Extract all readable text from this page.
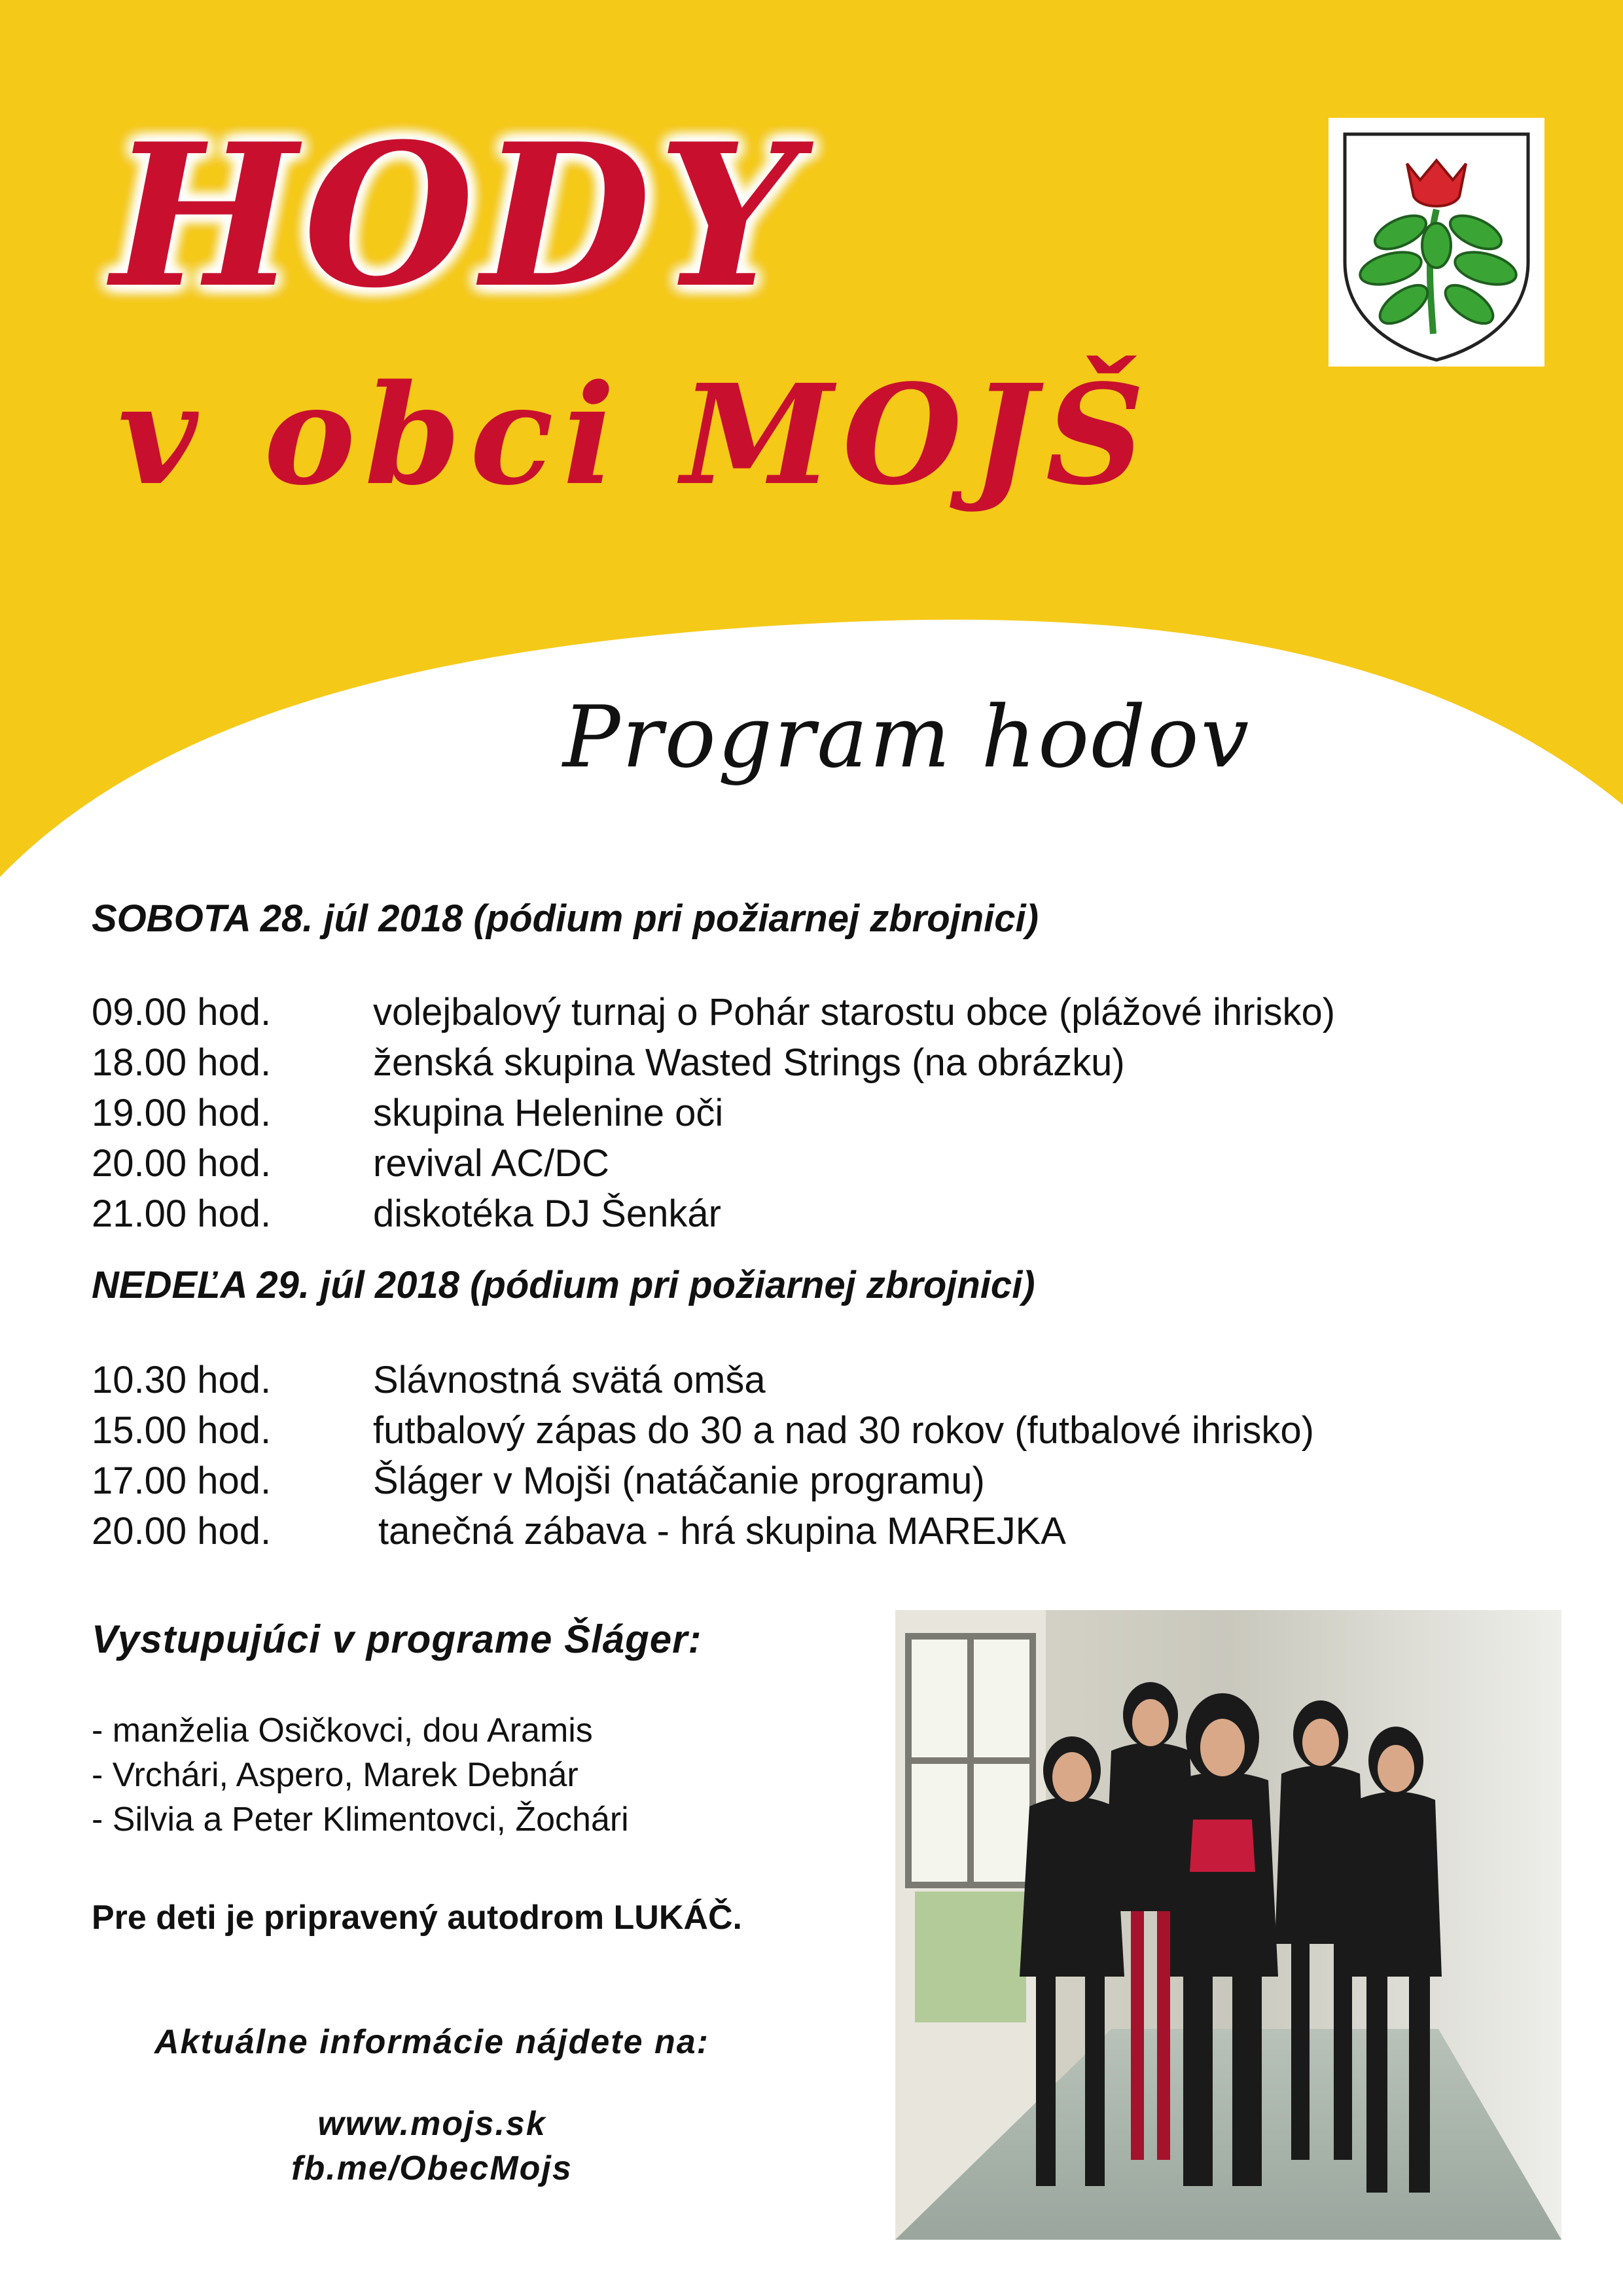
HODY
v obci MOJŠ
Program hodov
SOBOTA 28. júl 2018 (pódium pri požiarnej zbrojnici)
09.00 hod.	volejbalový turnaj o Pohár starostu obce (plážové ihrisko)
18.00 hod.	ženská skupina Wasted Strings (na obrázku)
19.00 hod.	skupina Helenine oči
20.00 hod.	revival AC/DC
21.00 hod.	diskotéka DJ Šenkár
NEDEĽA 29. júl 2018 (pódium pri požiarnej zbrojnici)
10.30 hod.	Slávnostná svätá omša
15.00 hod.	futbalový zápas do 30 a nad 30 rokov (futbalové ihrisko)
17.00 hod.	Šláger v Mojši (natáčanie programu)
20.00 hod.	tanečná zábava - hrá skupina MAREJKA
Vystupujúci v programe Šláger:
- manželia Osičkovci, dou Aramis
- Vrchári, Aspero, Marek Debnár
- Silvia a Peter Klimentovci, Žochári
Pre deti je pripravený autodrom LUKÁČ.
Aktuálne informácie nájdete na:
www.mojs.sk
fb.me/ObecMojs
